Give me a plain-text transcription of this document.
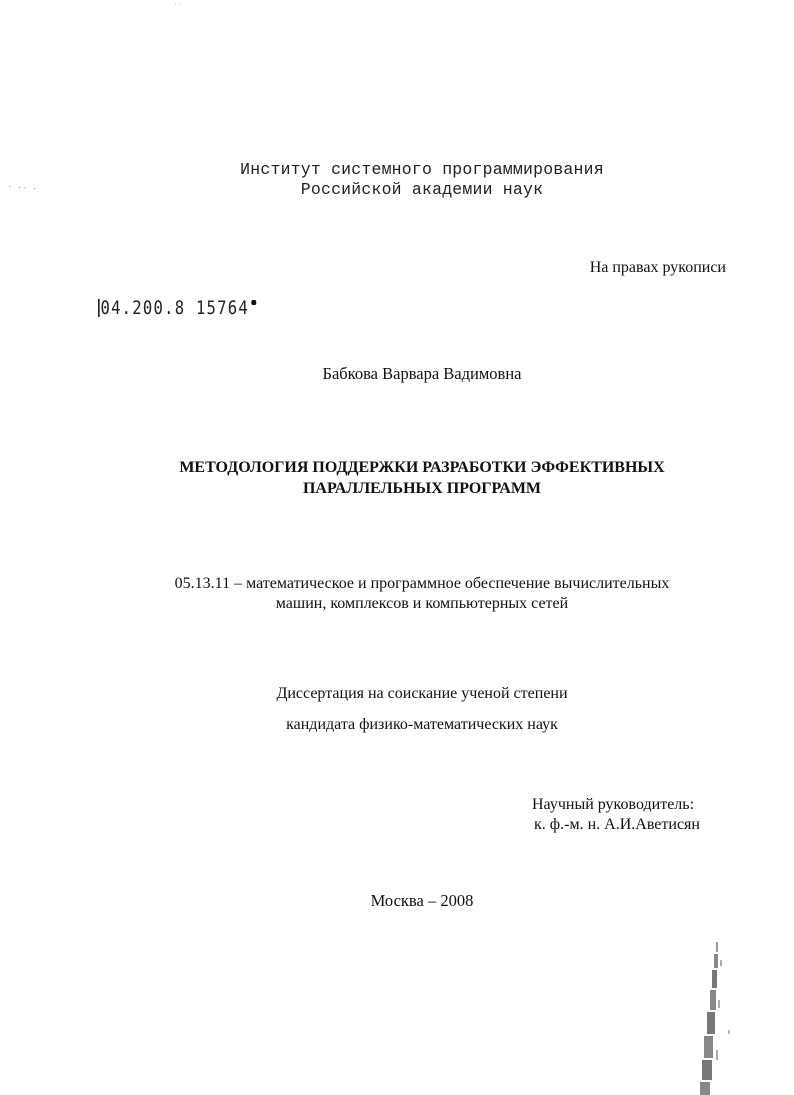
· ·
Институт системного программирования
Российской академии наук
· ·· ·
На правах рукописи
04.200.8 15764
Бабкова Варвара Вадимовна
МЕТОДОЛОГИЯ ПОДДЕРЖКИ РАЗРАБОТКИ ЭФФЕКТИВНЫХ
ПАРАЛЛЕЛЬНЫХ ПРОГРАММ
05.13.11 – математическое и программное обеспечение вычислительных
машин, комплексов и компьютерных сетей
Диссертация на соискание ученой степени
кандидата физико-математических наук
Научный руководитель:
к. ф.-м. н. А.И.Аветисян
Москва – 2008
